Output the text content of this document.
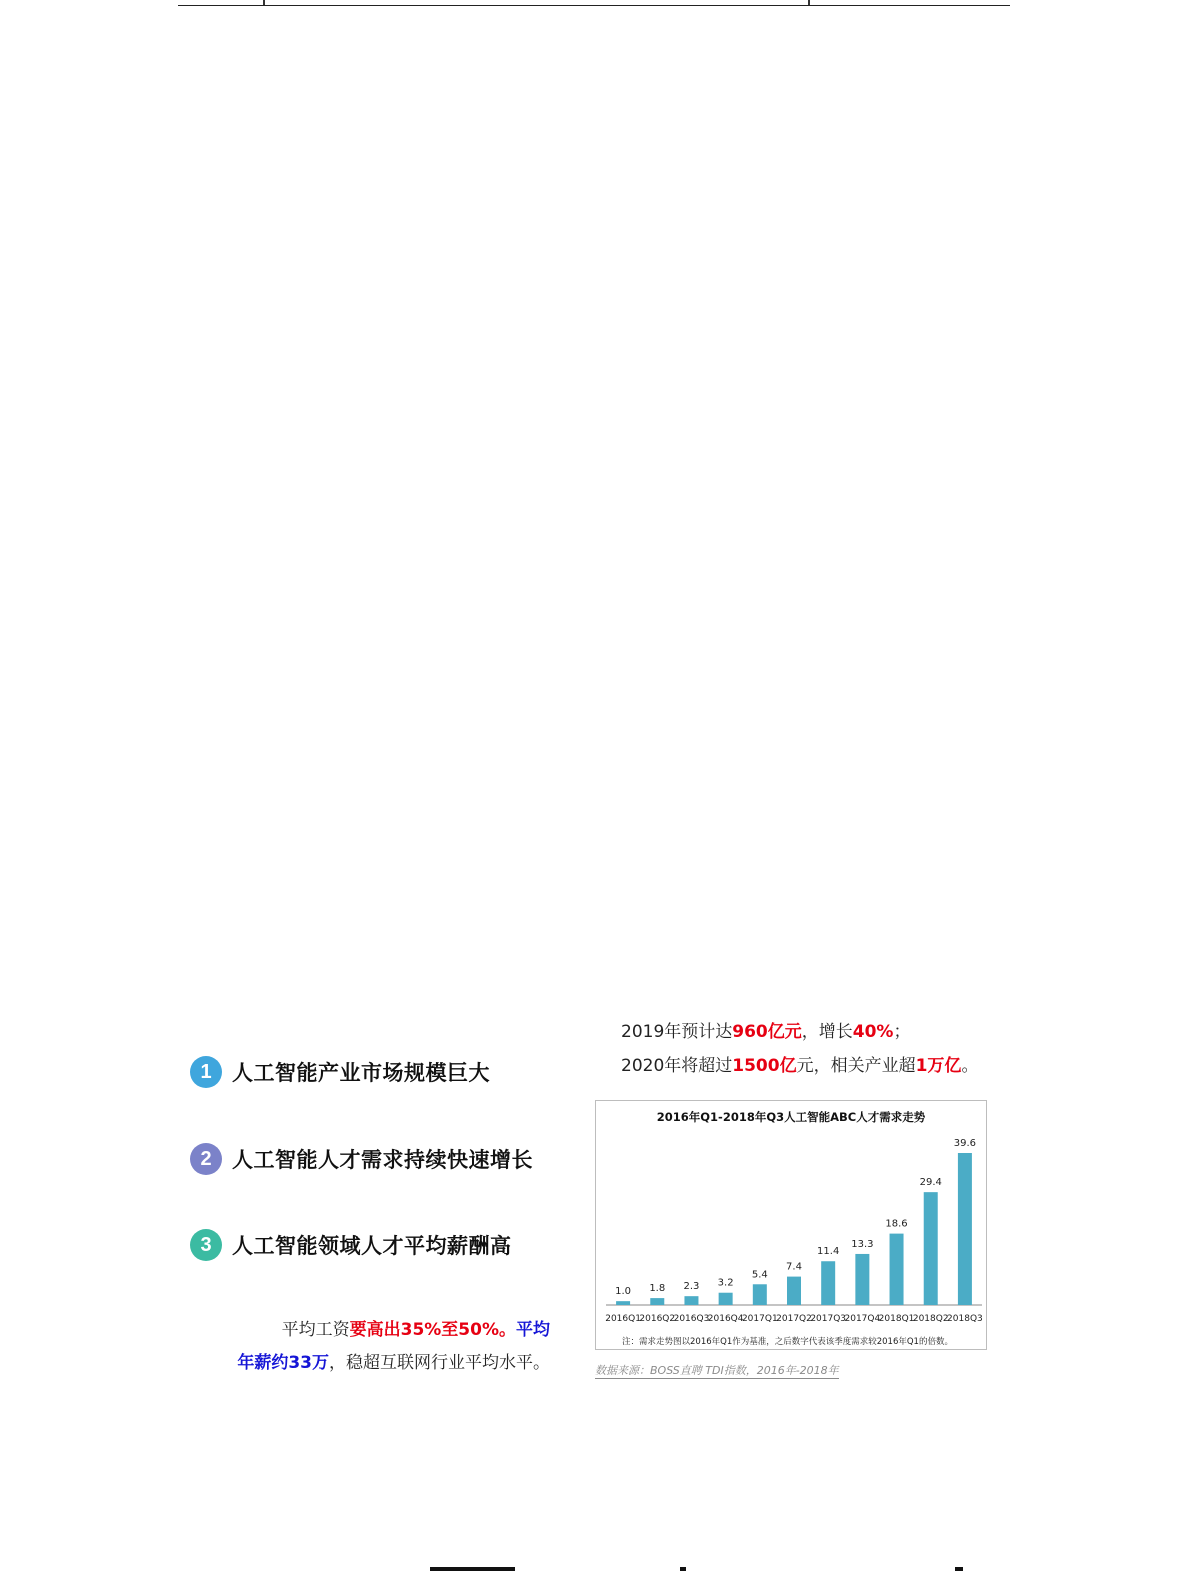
1 人工智能产业市场规模巨大
2 人工智能人才需求持续快速增长
3 人工智能领域人才平均薪酬高
平均工资要高出35%至50%。平均
年薪约33万，稳超互联网行业平均水平。
2019年预计达960亿元，增长40%；
2020年将超过1500亿元，相关产业超1万亿。
1.0
2016Q1
1.8
2016Q2
2.3
2016Q3
3.2
2016Q4
5.4
2017Q1
7.4
2017Q2
11.4
2017Q3
13.3
2017Q4
18.6
2018Q1
29.4
2018Q2
39.6
2018Q3
2016年Q1-2018年Q3人工智能ABC人才需求走势
注：需求走势图以2016年Q1作为基准，之后数字代表该季度需求较2016年Q1的倍数。
数据来源：BOSS直聘 TDI指数，2016年-2018年
